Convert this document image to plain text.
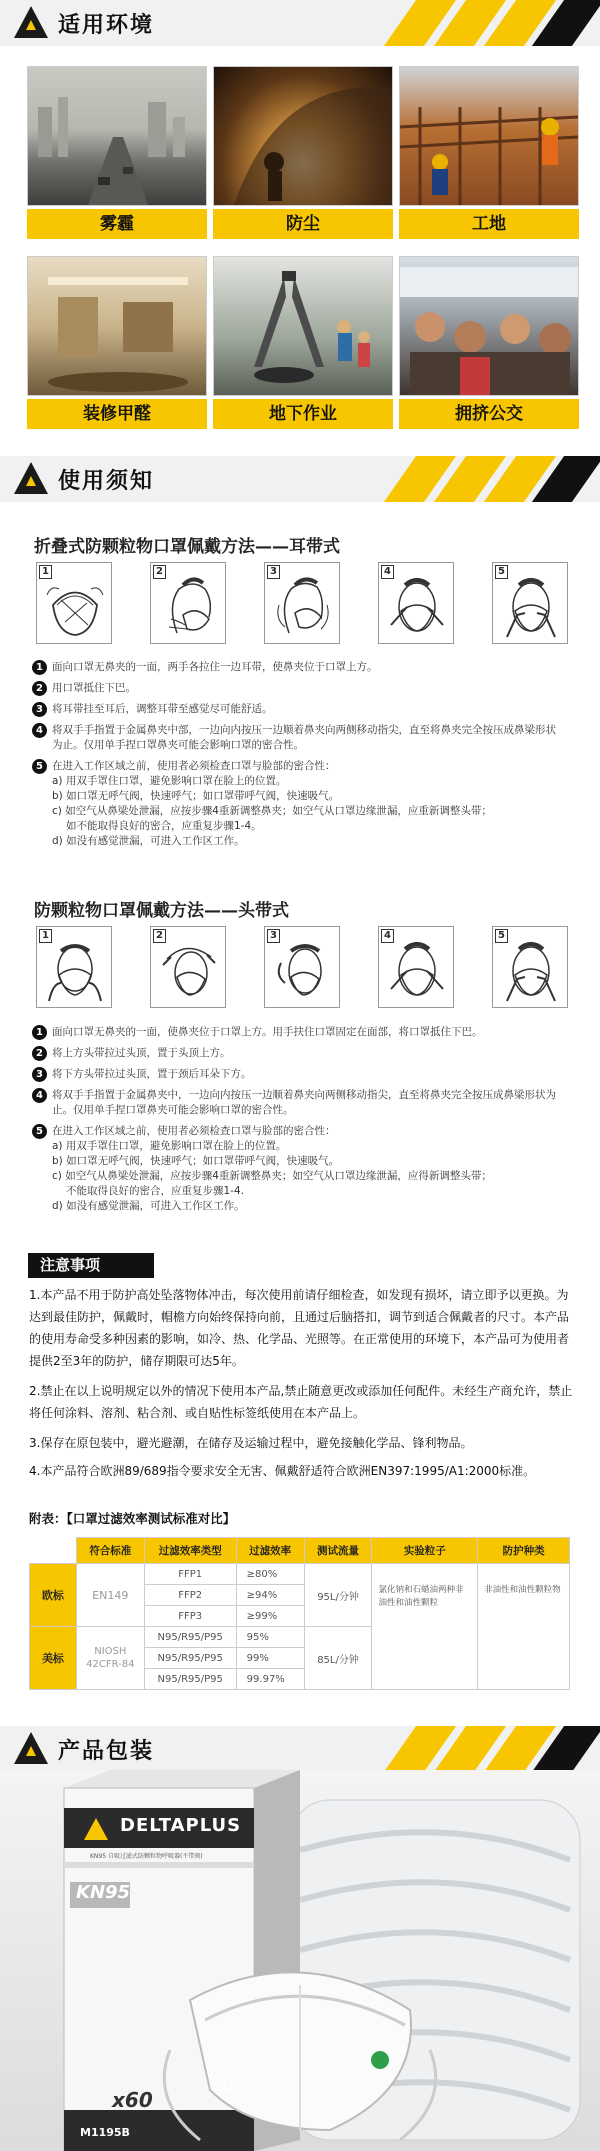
适用环境
雾霾	防尘	工地
装修甲醛	地下作业	拥挤公交
使用须知
折叠式防颗粒物口罩佩戴方法——耳带式
1	2	3	4	5
1 面向口罩无鼻夹的一面，两手各拉住一边耳带，使鼻夹位于口罩上方。
2 用口罩抵住下巴。
3 将耳带挂至耳后，调整耳带至感觉尽可能舒适。
4 将双手手指置于金属鼻夹中部，一边向内按压一边顺着鼻夹向两侧移动指尖，直至将鼻夹完全按压成鼻梁形状为止。仅用单手捏口罩鼻夹可能会影响口罩的密合性。
5 在进入工作区域之前，使用者必须检查口罩与脸部的密合性：
a) 用双手罩住口罩，避免影响口罩在脸上的位置。
b) 如口罩无呼气阀，快速呼气；如口罩带呼气阀，快速吸气。
c) 如空气从鼻梁处泄漏，应按步骤4重新调整鼻夹；如空气从口罩边缘泄漏，应重新调整头带；
如不能取得良好的密合，应重复步骤1-4。
d) 如没有感觉泄漏，可进入工作区工作。
防颗粒物口罩佩戴方法——头带式
1	2	3	4	5
1 面向口罩无鼻夹的一面，使鼻夹位于口罩上方。用手扶住口罩固定在面部，将口罩抵住下巴。
2 将上方头带拉过头顶，置于头顶上方。
3 将下方头带拉过头顶，置于颈后耳朵下方。
4 将双手手指置于金属鼻夹中，一边向内按压一边顺着鼻夹向两侧移动指尖，直至将鼻夹完全按压成鼻梁形状为止。仅用单手捏口罩鼻夹可能会影响口罩的密合性。
5 在进入工作区域之前，使用者必须检查口罩与脸部的密合性：
a) 用双手罩住口罩，避免影响口罩在脸上的位置。
b) 如口罩无呼气阀，快速呼气；如口罩带呼气阀，快速吸气。
c) 如空气从鼻梁处泄漏，应按步骤4重新调整鼻夹；如空气从口罩边缘泄漏，应得新调整头带；
不能取得良好的密合，应重复步骤1-4.
d) 如没有感觉泄漏，可进入工作区工作。
注意事项
1.本产品不用于防护高处坠落物体冲击，每次使用前请仔细检查，如发现有损坏，请立即予以更换。为达到最佳防护，佩戴时，帽檐方向始终保持向前，且通过后脑搭扣，调节到适合佩戴者的尺寸。本产品的使用寿命受多种因素的影响，如冷、热、化学品、光照等。在正常使用的环境下，本产品可为使用者提供2至3年的防护，储存期限可达5年。
2.禁止在以上说明规定以外的情况下使用本产品,禁止随意更改或添加任何配件。未经生产商允许，禁止将任何涂料、溶剂、粘合剂、或自贴性标签纸使用在本产品上。
3.保存在原包装中，避光避潮，在储存及运输过程中，避免接触化学品、锋利物品。
4.本产品符合欧洲89/689指令要求安全无害、佩戴舒适符合欧洲EN397:1995/A1:2000标准。
附表：【口罩过滤效率测试标准对比】
	符合标准	过滤效率类型	过滤效率	测试流量	实验粒子	防护种类
欧标	EN149	FFP1	≥80%	95L/分钟	氯化钠和石蜡油两种非油性和油性颗粒	非油性和油性颗粒物
		FFP2	≥94%			
		FFP3	≥99%			
美标	NIOSH 42CFR-84	N95/R95/P95	95%	85L/分钟		
		N95/R95/P95	99%			
		N95/R95/P95	99.97%			
产品包装
DELTAPLUS
KN95
KN95 自吸过滤式防颗粒物呼吸器(不带阀)
x60
M1195B
LA
